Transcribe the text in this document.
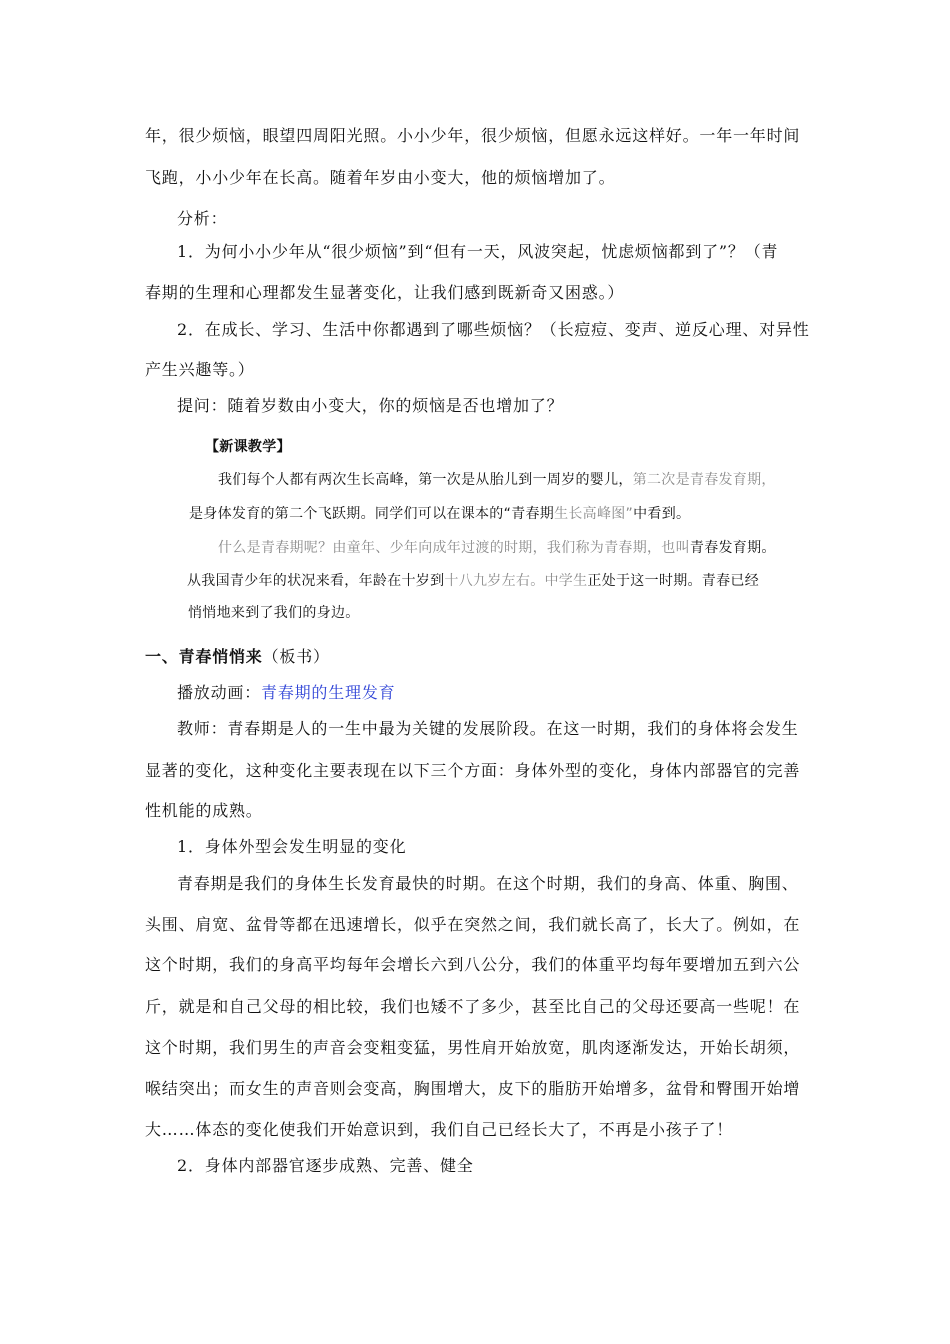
年，很少烦恼，眼望四周阳光照。小小少年，很少烦恼，但愿永远这样好。一年一年时间
飞跑，小小少年在长高。随着年岁由小变大，他的烦恼增加了。
分析：
1．为何小小少年从“很少烦恼”到“但有一天，风波突起，忧虑烦恼都到了”？（青
春期的生理和心理都发生显著变化，让我们感到既新奇又困惑。）
2．在成长、学习、生活中你都遇到了哪些烦恼？（长痘痘、变声、逆反心理、对异性
产生兴趣等。）
提问：随着岁数由小变大，你的烦恼是否也增加了？
【新课教学】
我们每个人都有两次生长高峰，第一次是从胎儿到一周岁的婴儿，第二次是青春发育期，
是身体发育的第二个飞跃期。同学们可以在课本的“青春期生长高峰图”中看到。
什么是青春期呢？由童年、少年向成年过渡的时期，我们称为青春期，也叫青春发育期。
从我国青少年的状况来看，年龄在十岁到十八九岁左右。中学生正处于这一时期。青春已经
悄悄地来到了我们的身边。
一、青春悄悄来（板书）
播放动画：青春期的生理发育
教师：青春期是人的一生中最为关键的发展阶段。在这一时期，我们的身体将会发生
显著的变化，这种变化主要表现在以下三个方面：身体外型的变化，身体内部器官的完善
性机能的成熟。
1．身体外型会发生明显的变化
青春期是我们的身体生长发育最快的时期。在这个时期，我们的身高、体重、胸围、
头围、肩宽、盆骨等都在迅速增长，似乎在突然之间，我们就长高了，长大了。例如，在
这个时期，我们的身高平均每年会增长六到八公分，我们的体重平均每年要增加五到六公
斤，就是和自己父母的相比较，我们也矮不了多少，甚至比自己的父母还要高一些呢！在
这个时期，我们男生的声音会变粗变猛，男性肩开始放宽，肌肉逐渐发达，开始长胡须，
喉结突出；而女生的声音则会变高，胸围增大，皮下的脂肪开始增多，盆骨和臀围开始增
大……体态的变化使我们开始意识到，我们自己已经长大了，不再是小孩子了！
2．身体内部器官逐步成熟、完善、健全
